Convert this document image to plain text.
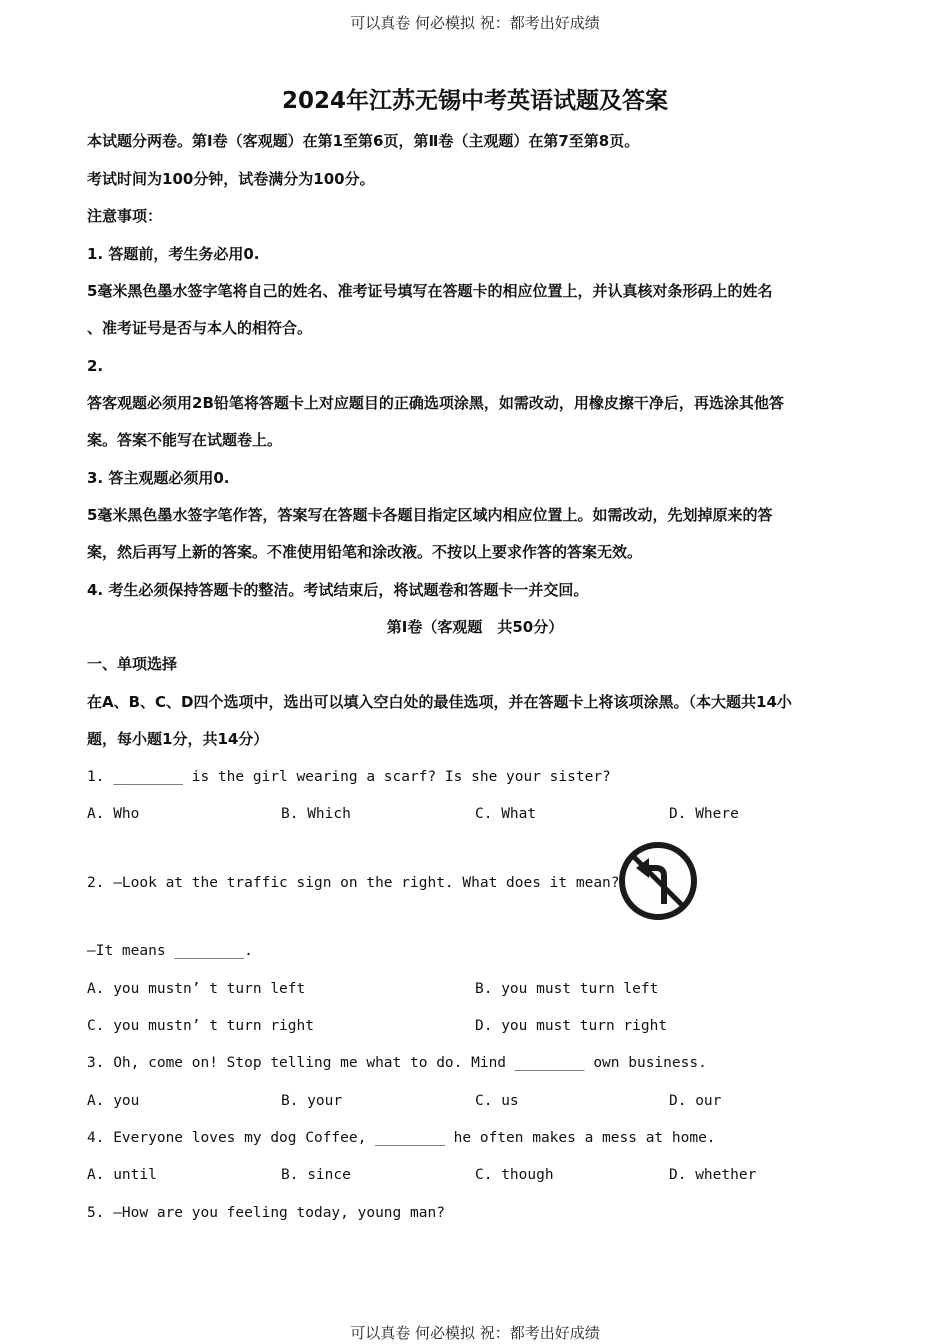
可以真卷 何必模拟 祝：都考出好成绩
2024年江苏无锡中考英语试题及答案
本试题分两卷。第Ⅰ卷（客观题）在第1至第6页，第Ⅱ卷（主观题）在第7至第8页。
考试时间为100分钟，试卷满分为100分。
注意事项：
1. 答题前，考生务必用0.
5毫米黑色墨水签字笔将自己的姓名、准考证号填写在答题卡的相应位置上，并认真核对条形码上的姓名
、准考证号是否与本人的相符合。
2.
答客观题必须用2B铅笔将答题卡上对应题目的正确选项涂黑，如需改动，用橡皮擦干净后，再选涂其他答
案。答案不能写在试题卷上。
3. 答主观题必须用0.
5毫米黑色墨水签字笔作答，答案写在答题卡各题目指定区域内相应位置上。如需改动，先划掉原来的答
案，然后再写上新的答案。不准使用铅笔和涂改液。不按以上要求作答的答案无效。
4. 考生必须保持答题卡的整洁。考试结束后，将试题卷和答题卡一并交回。
第Ⅰ卷（客观题　共50分）
一、单项选择
在A、B、C、D四个选项中，选出可以填入空白处的最佳选项，并在答题卡上将该项涂黑。（本大题共14小
题，每小题1分，共14分）
1. ________ is the girl wearing a scarf? Is she your sister?
A. Who	B. Which	C. What	D. Where
2. —Look at the traffic sign on the right. What does it mean?
—It means ________.
A. you mustn’ t turn left	B. you must turn left
C. you mustn’ t turn right	D. you must turn right
3. Oh, come on! Stop telling me what to do. Mind ________ own business.
A. you	B. your	C. us	D. our
4. Everyone loves my dog Coffee, ________ he often makes a mess at home.
A. until	B. since	C. though	D. whether
5. —How are you feeling today, young man?
可以真卷 何必模拟 祝：都考出好成绩
